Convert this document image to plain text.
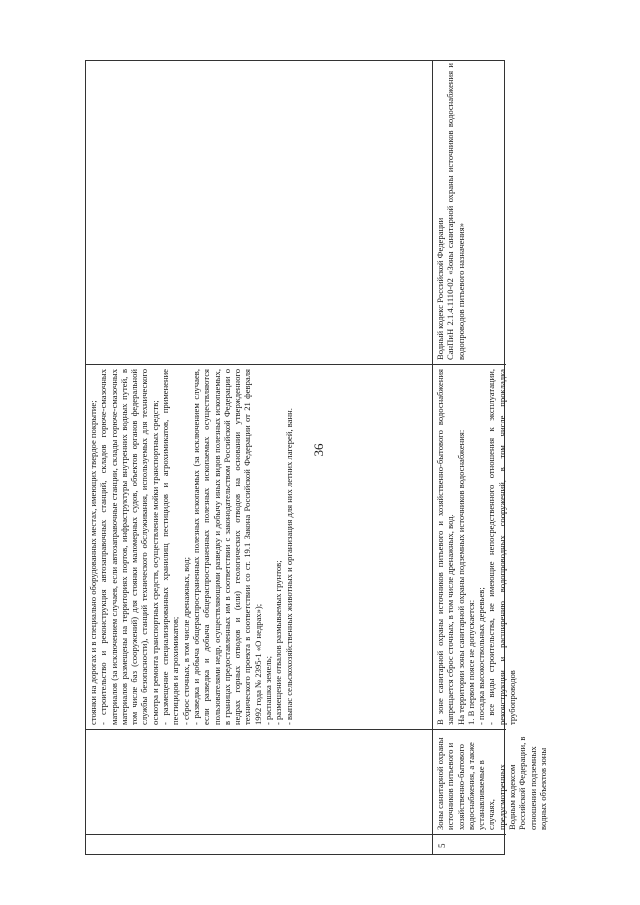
36

стоянки на дорогах и в специально оборудованных местах, имеющих твердое покрытие; - строительство и реконструкция автозаправочных станций, складов горюче-смазочных материалов (за исключением случаев, если автозаправочные станции, склады горюче-смазочных материалов размещены на территориях портов, инфраструктуры внутренних водных путей, в том числе баз (сооружений) для стоянки маломерных судов, объектов органов федеральной службы безопасности), станций технического обслуживания, используемых для технического осмотра и ремонта транспортных средств, осуществление мойки транспортных средств; - размещение специализированных хранилищ пестицидов и агрохимикатов, применение пестицидов и агрохимикатов; - сброс сточных, в том числе дренажных, вод; - разведка и добыча общераспространенных полезных ископаемых (за исключением случаев, если разведка и добыча общераспространенных полезных ископаемых осуществляются пользователями недр, осуществляющими разведку и добычу иных видов полезных ископаемых, в границах предоставленных им в соответствии с законодательством Российской Федерации о недрах горных отводов и (или) геологических отводов на основании утвержденного технического проекта в соответствии со ст. 19.1 Закона Российской Федерации от 21 февраля 1992 года № 2395-1 «О недрах»); - распашка земель; - размещение отвалов размываемых грунтов; - выпас сельскохозяйственных животных и организация для них летних лагерей, ванн.

5
Зоны санитарной охраны источников питьевого и хозяйственно-бытового водоснабжения, а также устанавливаемые в случаях, предусмотренных Водным кодексом Российской Федерации, в отношении подземных водных объектов зоны

В зоне санитарной охраны источников питьевого и хозяйственно-бытового водоснабжения запрещается сброс сточных, в том числе дренажных, вод. На территории зоны санитарной охраны подземных источников водоснабжения: 1. В первом поясе не допускается: - посадка высокоствольных деревьев; - все виды строительства, не имеющие непосредственного отношения к эксплуатации, реконструкции и расширению водопроводных сооружений, в том числе прокладка трубопроводов

Водный кодекс Российской Федерации СанПиН 2.1.4.1110-02 «Зоны санитарной охраны источников водоснабжения и водопроводов питьевого назначения»
